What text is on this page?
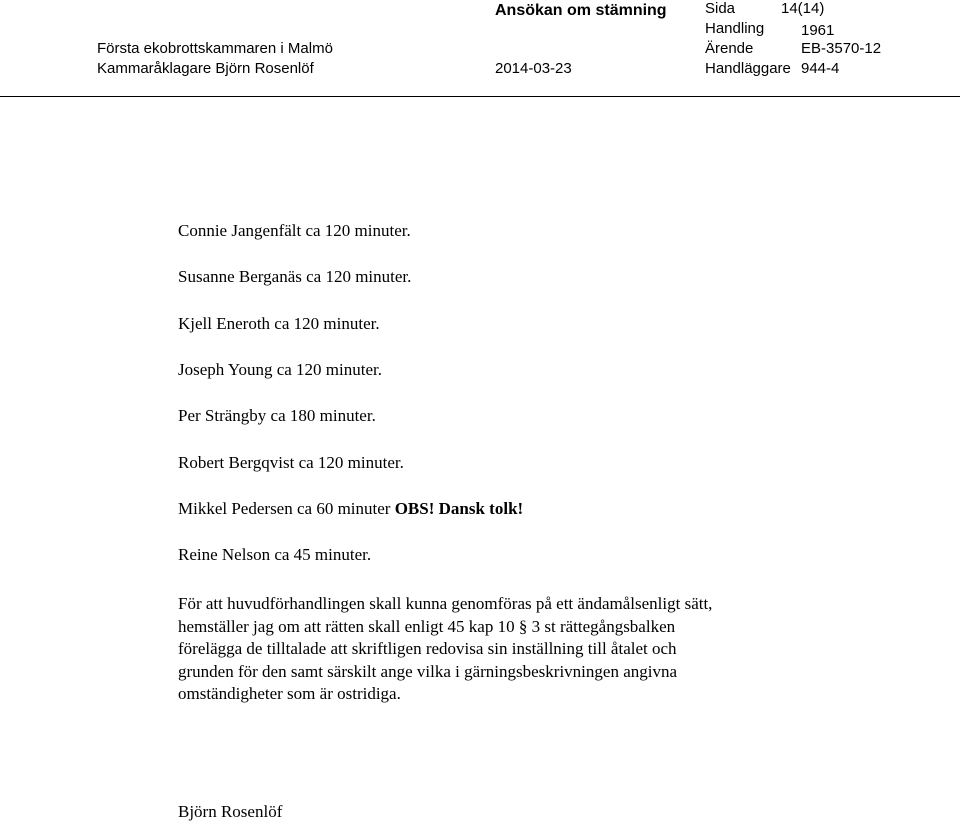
Ansökan om stämning	Sida	14(14)
Handling 1961
Första ekobrottskammaren i Malmö	Ärende	EB-3570-12
Kammaråklagare Björn Rosenlöf	2014-03-23	Handläggare 944-4
Connie Jangenfält ca 120 minuter.
Susanne Berganäs ca 120 minuter.
Kjell Eneroth ca 120 minuter.
Joseph Young ca 120 minuter.
Per Strängby ca 180 minuter.
Robert Bergqvist ca 120 minuter.
Mikkel Pedersen ca 60 minuter OBS! Dansk tolk!
Reine Nelson ca 45 minuter.
För att huvudförhandlingen skall kunna genomföras på ett ändamålsenligt sätt,
hemställer jag om att rätten skall enligt 45 kap 10 § 3 st rättegångsbalken
förelägga de tilltalade att skriftligen redovisa sin inställning till åtalet och
grunden för den samt särskilt ange vilka i gärningsbeskrivningen angivna
omständigheter som är ostridiga.
Björn Rosenlöf
